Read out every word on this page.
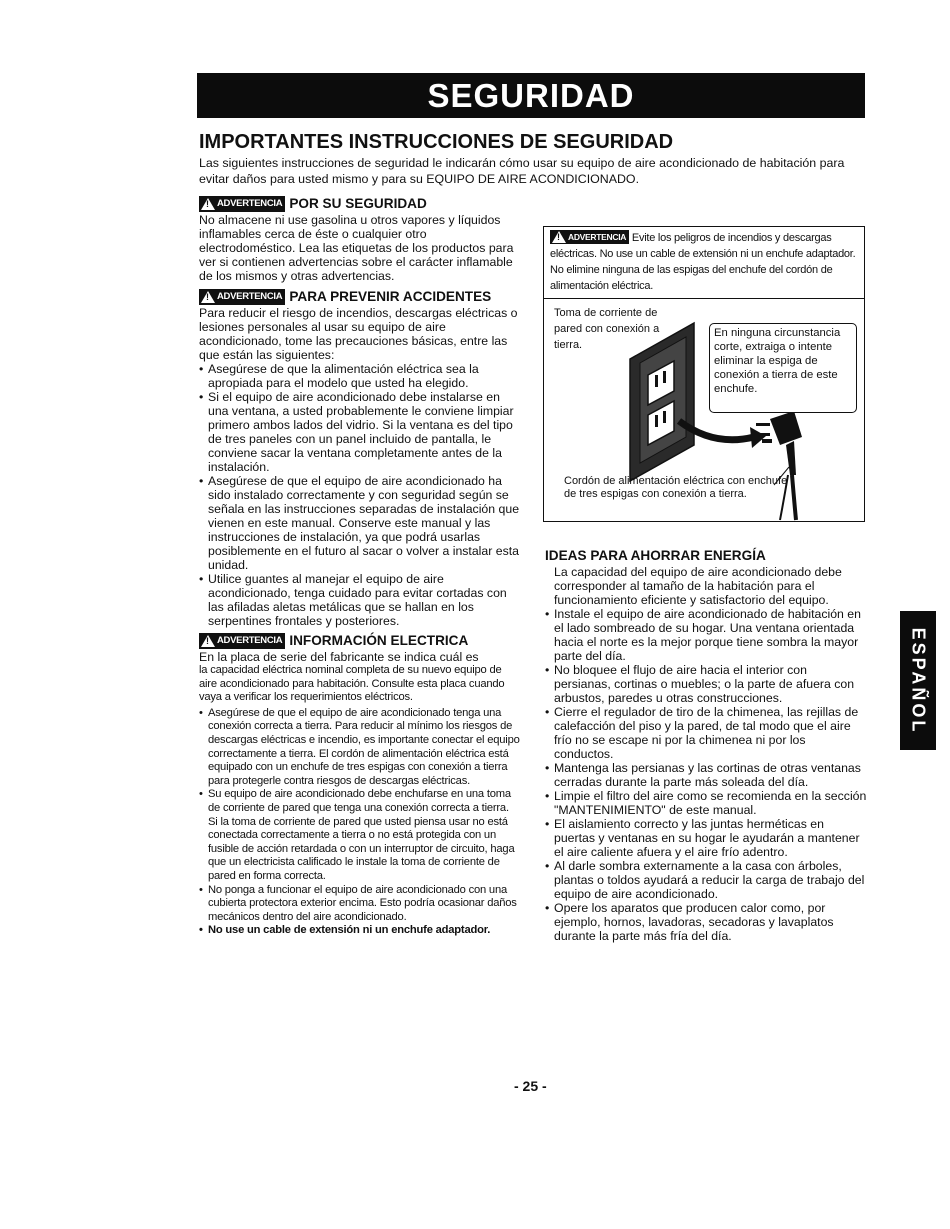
SEGURIDAD
IMPORTANTES INSTRUCCIONES DE SEGURIDAD

Las siguientes instrucciones de seguridad le indicarán cómo usar su equipo de aire acondicionado de habitación para evitar daños para usted mismo y para su EQUIPO DE AIRE ACONDICIONADO.

!
ADVERTENCIA POR SU SEGURIDAD

No almacene ni use gasolina u otros vapores y líquidos inflamables cerca de éste o cualquier otro electrodoméstico. Lea las etiquetas de los productos para ver si contienen advertencias sobre el carácter inflamable de los mismos y otras advertencias.

!
ADVERTENCIA PARA PREVENIR ACCIDENTES

Para reducir el riesgo de incendios, descargas eléctricas o lesiones personales al usar su equipo de aire acondicionado, tome las precauciones básicas, entre las que están las siguientes:

• Asegúrese de que la alimentación eléctrica sea la apropiada para el modelo que usted ha elegido.
• Si el equipo de aire acondicionado debe instalarse en una ventana, a usted probablemente le conviene limpiar primero ambos lados del vidrio. Si la ventana es del tipo de tres paneles con un panel incluido de pantalla, le conviene sacar la ventana completamente antes de la instalación.
• Asegúrese de que el equipo de aire acondicionado ha sido instalado correctamente y con seguridad según se señala en las instrucciones separadas de instalación que vienen en este manual. Conserve este manual y las instrucciones de instalación, ya que podrá usarlas posiblemente en el futuro al sacar o volver a instalar esta unidad.
• Utilice guantes al manejar el equipo de aire acondicionado, tenga cuidado para evitar cortadas con las afiladas aletas metálicas que se hallan en los serpentines frontales y posteriores.
!
ADVERTENCIA INFORMACIÓN ELECTRICA

En la placa de serie del fabricante se indica cuál es

la capacidad eléctrica nominal completa de su nuevo equipo de aire acondicionado para habitación. Consulte esta placa cuando vaya a verificar los requerimientos eléctricos.

• Asegúrese de que el equipo de aire acondicionado tenga una conexión correcta a tierra. Para reducir al mínimo los riesgos de descargas eléctricas e incendio, es importante conectar el equipo correctamente a tierra. El cordón de alimentación eléctrica está equipado con un enchufe de tres espigas con conexión a tierra para protegerle contra riesgos de descargas eléctricas.
• Su equipo de aire acondicionado debe enchufarse en una toma de corriente de pared que tenga una conexión correcta a tierra. Si la toma de corriente de pared que usted piensa usar no está conectada correctamente a tierra o no está protegida con un fusible de acción retardada o con un interruptor de circuito, haga que un electricista calificado le instale la toma de corriente de pared en forma correcta.
• No ponga a funcionar el equipo de aire acondicionado con una cubierta protectora exterior encima. Esto podría ocasionar daños mecánicos dentro del aire acondicionado.
• No use un cable de extensión ni un enchufe adaptador.
!
ADVERTENCIA Evite los peligros de incendios y descargas eléctricas. No use un cable de extensión ni un enchufe adaptador. No elimine ninguna de las espigas del enchufe del cordón de alimentación eléctrica.
Toma de corriente de pared con conexión a tierra.
En ninguna circunstancia corte, extraiga o intente eliminar la espiga de conexión a tierra de este enchufe.
Cordón de alimentación eléctrica con enchufe de tres espigas con conexión a tierra.
IDEAS PARA AHORRAR ENERGÍA

La capacidad del equipo de aire acondicionado debe corresponder al tamaño de la habitación para el funcionamiento eficiente y satisfactorio del equipo.

• Instale el equipo de aire acondicionado de habitación en el lado sombreado de su hogar. Una ventana orientada hacia el norte es la mejor porque tiene sombra la mayor parte del día.
• No bloquee el flujo de aire hacia el interior con persianas, cortinas o muebles; o la parte de afuera con arbustos, paredes u otras construcciones.
• Cierre el regulador de tiro de la chimenea, las rejillas de calefacción del piso y la pared, de tal modo que el aire frío no se escape ni por la chimenea ni por los conductos.
• Mantenga las persianas y las cortinas de otras ventanas cerradas durante la parte más soleada del día.
• Limpie el filtro del aire como se recomienda en la sección "MANTENIMIENTO" de este manual.
• El aislamiento correcto y las juntas herméticas en puertas y ventanas en su hogar le ayudarán a mantener el aire caliente afuera y el aire frío adentro.
• Al darle sombra externamente a la casa con árboles, plantas o toldos ayudará a reducir la carga de trabajo del equipo de aire acondicionado.
• Opere los aparatos que producen calor como, por ejemplo, hornos, lavadoras, secadoras y lavaplatos durante la parte más fría del día.
ESPAÑOL
- 25 -
